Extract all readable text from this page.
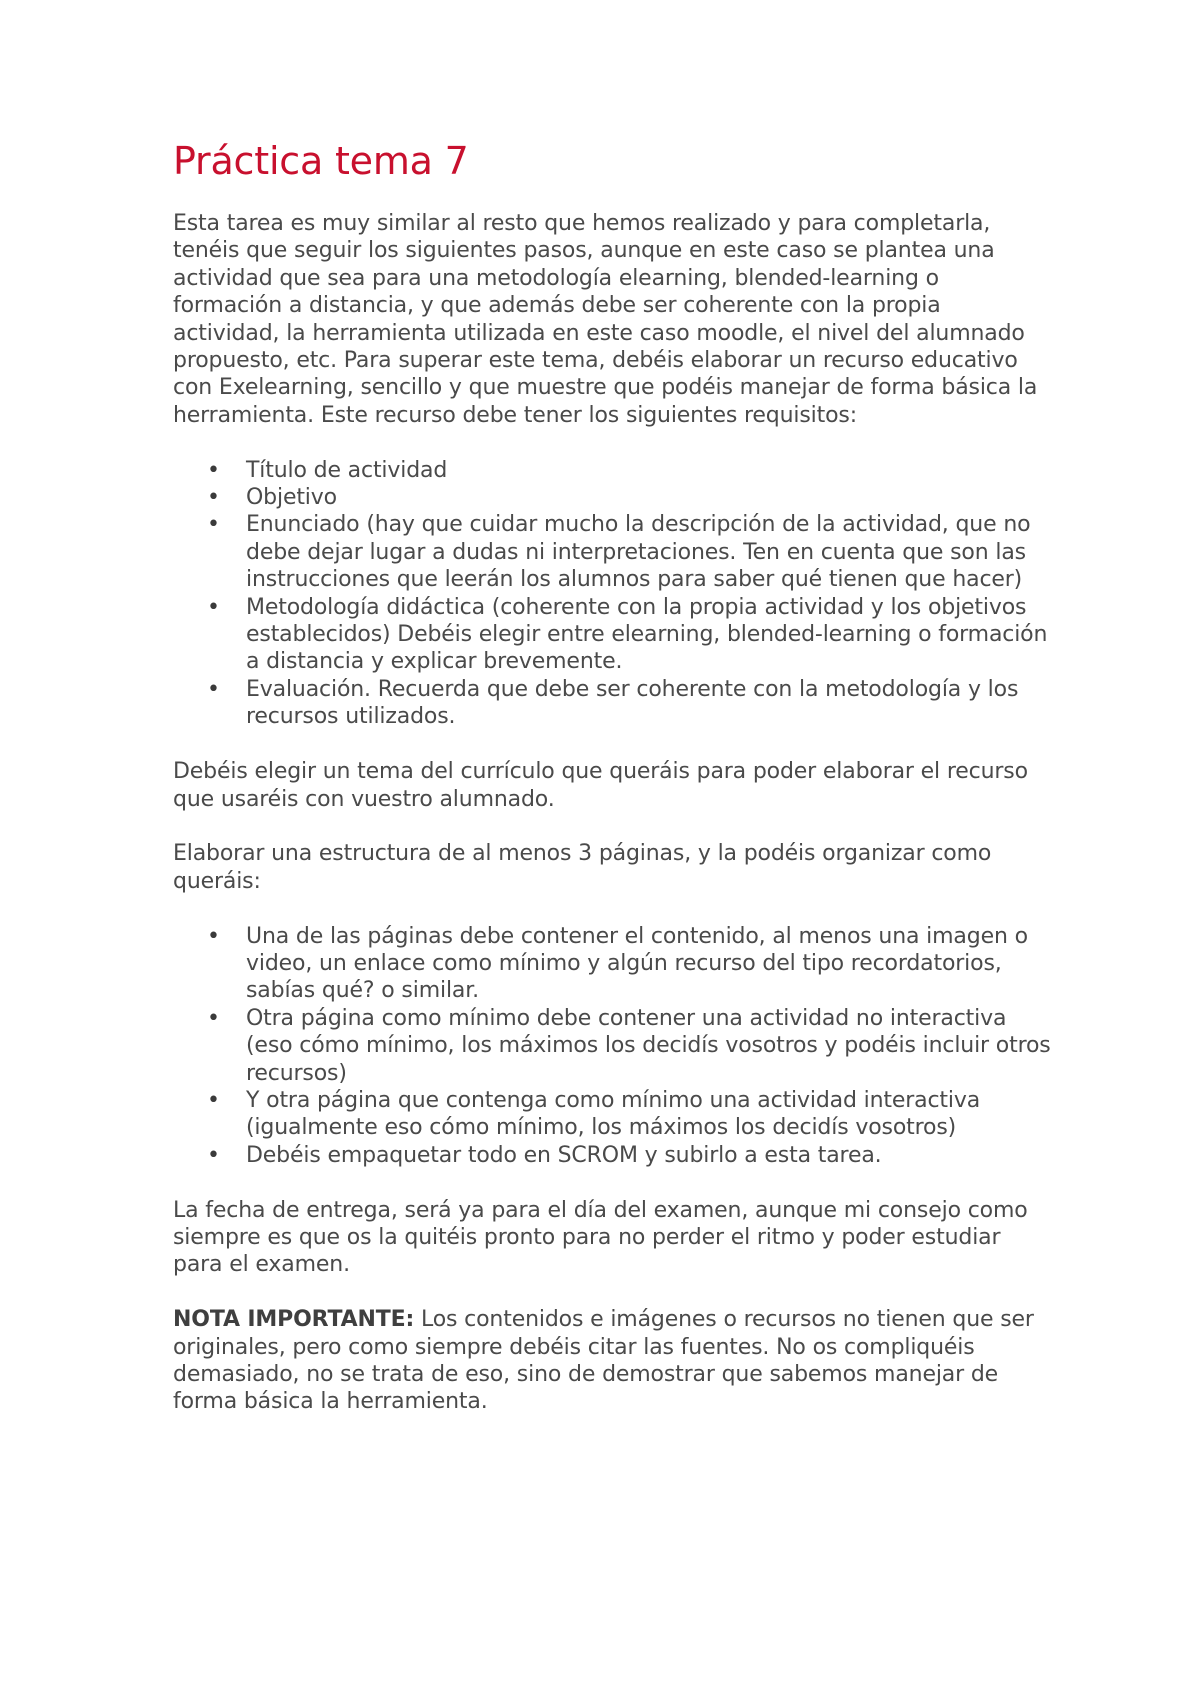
Práctica tema 7

Esta tarea es muy similar al resto que hemos realizado y para completarla, tenéis que seguir los siguientes pasos, aunque en este caso se plantea una actividad que sea para una metodología elearning, blended-learning o formación a distancia, y que además debe ser coherente con la propia actividad, la herramienta utilizada en este caso moodle, el nivel del alumnado propuesto, etc. Para superar este tema, debéis elaborar un recurso educativo con Exelearning, sencillo y que muestre que podéis manejar de forma básica la herramienta. Este recurso debe tener los siguientes requisitos:

• Título de actividad
• Objetivo
• Enunciado (hay que cuidar mucho la descripción de la actividad, que no debe dejar lugar a dudas ni interpretaciones. Ten en cuenta que son las instrucciones que leerán los alumnos para saber qué tienen que hacer)
• Metodología didáctica (coherente con la propia actividad y los objetivos establecidos) Debéis elegir entre elearning, blended-learning o formación a distancia y explicar brevemente.
• Evaluación. Recuerda que debe ser coherente con la metodología y los recursos utilizados.

Debéis elegir un tema del currículo que queráis para poder elaborar el recurso que usaréis con vuestro alumnado.

Elaborar una estructura de al menos 3 páginas, y la podéis organizar como queráis:

• Una de las páginas debe contener el contenido, al menos una imagen o video, un enlace como mínimo y algún recurso del tipo recordatorios, sabías qué? o similar.
• Otra página como mínimo debe contener una actividad no interactiva (eso cómo mínimo, los máximos los decidís vosotros y podéis incluir otros recursos)
• Y otra página que contenga como mínimo una actividad interactiva (igualmente eso cómo mínimo, los máximos los decidís vosotros)
• Debéis empaquetar todo en SCROM y subirlo a esta tarea.

La fecha de entrega, será ya para el día del examen, aunque mi consejo como siempre es que os la quitéis pronto para no perder el ritmo y poder estudiar para el examen.

NOTA IMPORTANTE: Los contenidos e imágenes o recursos no tienen que ser originales, pero como siempre debéis citar las fuentes. No os compliquéis demasiado, no se trata de eso, sino de demostrar que sabemos manejar de forma básica la herramienta.
